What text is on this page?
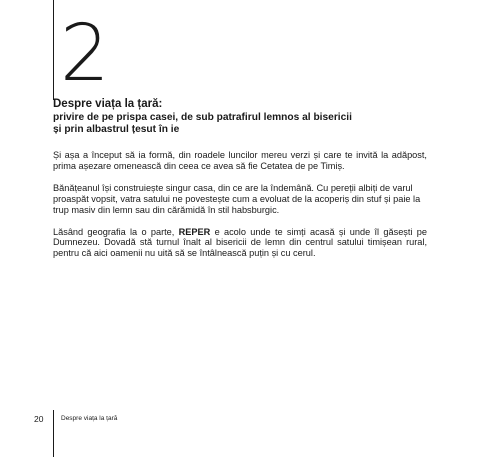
2
Despre viața la țară:
privire de pe prispa casei, de sub patrafirul lemnos al bisericii
și prin albastrul țesut în ie

Și așa a început să ia formă, din roadele luncilor mereu verzi și care te invită la adăpost, prima așezare omenească din ceea ce avea să fie Cetatea de pe Timiș.

Bănățeanul își construiește singur casa, din ce are la îndemână. Cu pereții albiți de varul proaspăt vopsit, vatra satului ne povestește cum a evoluat de la acoperiș din stuf și paie la trup masiv din lemn sau din cărămidă în stil habsburgic.

Lăsând geografia la o parte, REPER e acolo unde te simți acasă și unde îl găsești pe Dumnezeu. Dovadă stă turnul înalt al bisericii de lemn din centrul satului timișean rural, pentru că aici oamenii nu uită să se întâlnească puțin și cu cerul.

20	Despre viața la țară
